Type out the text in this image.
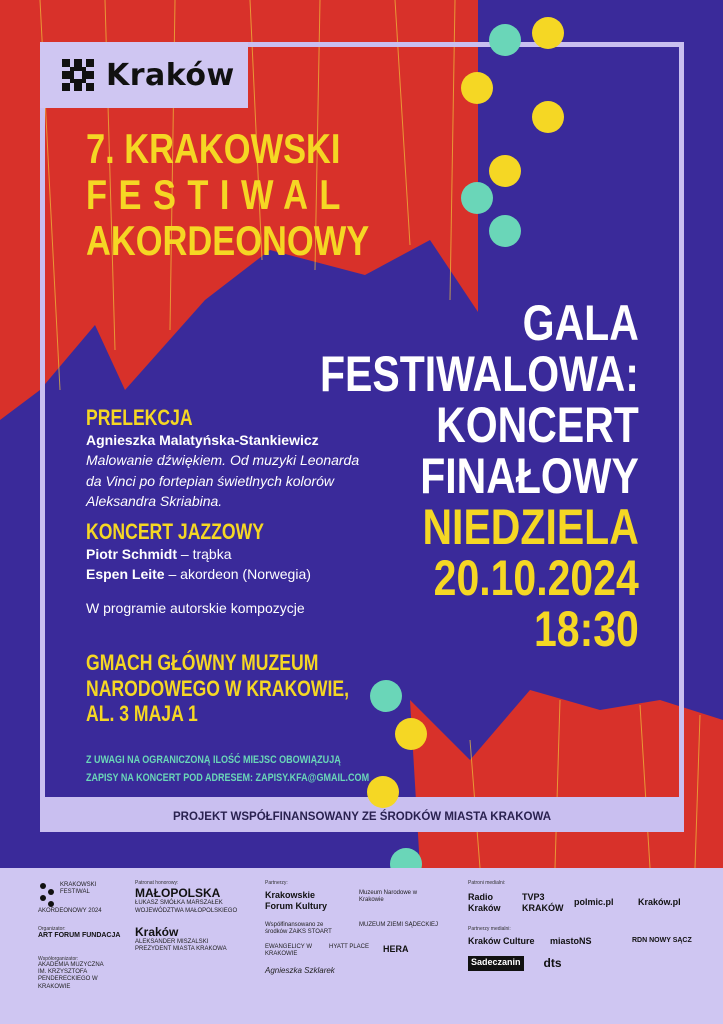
Kraków
7. KRAKOWSKI
FESTIWAL
AKORDEONOWY
GALA
FESTIWALOWA:
KONCERT
FINAŁOWY
NIEDZIELA
20.10.2024
18:30
PRELEKCJA
Agnieszka Malatyńska-Stankiewicz
Malowanie dźwiękiem. Od muzyki Leonarda
da Vinci po fortepian świetlnych kolorów
Aleksandra Skriabina.
KONCERT JAZZOWY
Piotr Schmidt – trąbka
Espen Leite – akordeon (Norwegia)
W programie autorskie kompozycje
GMACH GŁÓWNY MUZEUM
NARODOWEGO W KRAKOWIE,
AL. 3 MAJA 1
Z UWAGI NA OGRANICZONĄ ILOŚĆ MIEJSC OBOWIĄZUJĄ
ZAPISY NA KONCERT POD ADRESEM: ZAPISY.KFA@GMAIL.COM
PROJEKT WSPÓŁFINANSOWANY ZE ŚRODKÓW MIASTA KRAKOWA
KRAKOWSKI FESTIWAL AKORDEONOWY 2024
Organizator:
ART FORUM FUNDACJA
Współorganizator:
AKADEMIA MUZYCZNA IM. KRZYSZTOFA PENDERECKIEGO W KRAKOWIE
Patronat honorowy:
MAŁOPOLSKA
ŁUKASZ SMÓŁKA MARSZAŁEK WOJEWÓDZTWA MAŁOPOLSKIEGO
Kraków
ALEKSANDER MISZALSKI PREZYDENT MIASTA KRAKOWA
Partnerzy:
Krakowskie Forum Kultury
Muzeum Narodowe w Krakowie
Współfinansowano ze środków ZAiKS STOART
MUZEUM ZIEMI SĄDECKIEJ
EWANGELICY W KRAKOWIE
HYATT PLACE HERA
Agnieszka Szklarek
Patroni medialni:
Radio Kraków
TVP3 KRAKÓW
polmic.pl	Kraków.pl
Partnerzy medialni:
Kraków Culture	miastoNS	RDN NOWY SĄCZ
Sadeczanin dts
